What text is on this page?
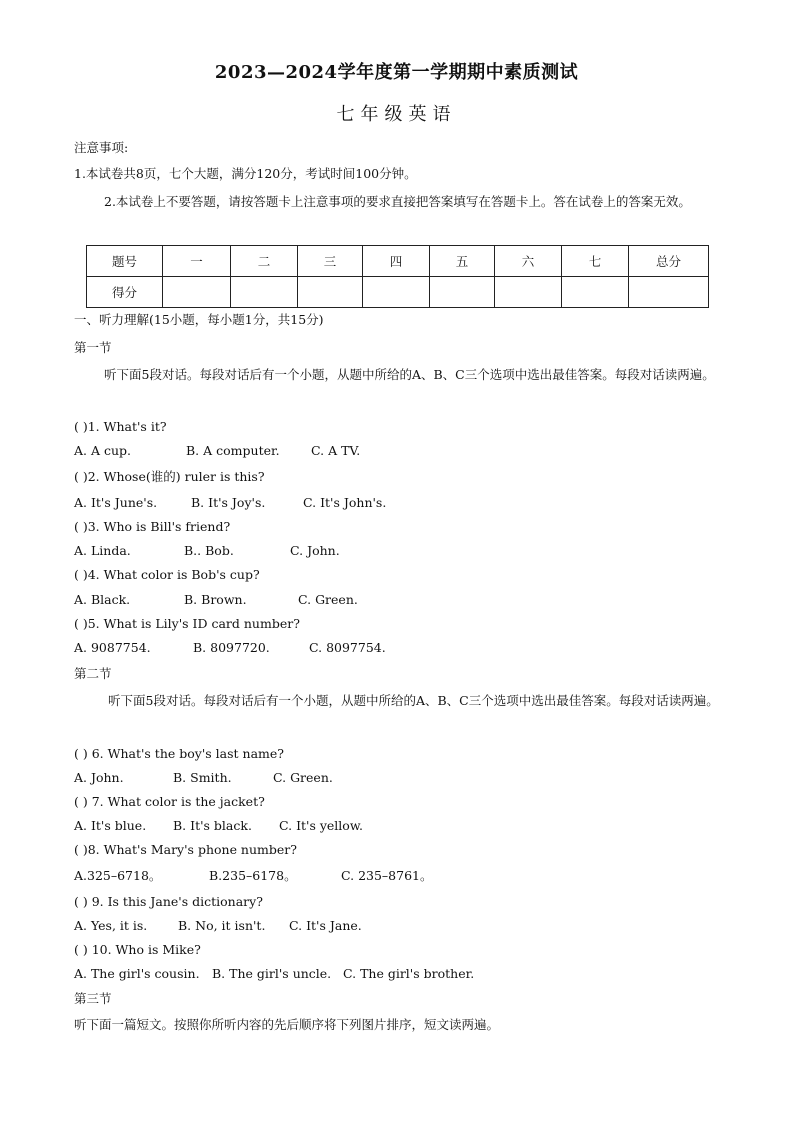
2023—2024学年度第一学期期中素质测试
七年级英语
注意事项:
1.本试卷共8页，七个大题，满分120分，考试时间100分钟。
2.本试卷上不要答题，请按答题卡上注意事项的要求直接把答案填写在答题卡上。答在试卷上的答案无效。
题号	一	二	三	四	五	六	七	总分
得分								
一、听力理解(15小题，每小题1分，共15分)
第一节
听下面5段对话。每段对话后有一个小题，从题中所给的A、B、C三个选项中选出最佳答案。每段对话读两遍。
( )1. What's it?
A. A cup.	B. A computer.	C. A TV.
( )2. Whose(谁的) ruler is this?
A. It's June's.	B. It's Joy's.	C. It's John's.
( )3. Who is Bill's friend?
A. Linda.	B.. Bob.	C. John.
( )4. What color is Bob's cup?
A. Black.	B. Brown.	C. Green.
( )5. What is Lily's ID card number?
A. 9087754.	B. 8097720.	C. 8097754.
第二节
听下面5段对话。每段对话后有一个小题，从题中所给的A、B、C三个选项中选出最佳答案。每段对话读两遍。
( ) 6. What's the boy's last name?
A. John.	B. Smith.	C. Green.
( ) 7. What color is the jacket?
A. It's blue. B. It's black. C. It's yellow.
( )8. What's Mary's phone number?
A.325–6718。	B.235–6178。	C. 235–8761。
( ) 9. Is this Jane's dictionary?
A. Yes, it is. B. No, it isn't. C. It's Jane.
( ) 10. Who is Mike?
A. The girl's cousin. B. The girl's uncle. C. The girl's brother.
第三节
听下面一篇短文。按照你所听内容的先后顺序将下列图片排序，短文读两遍。
